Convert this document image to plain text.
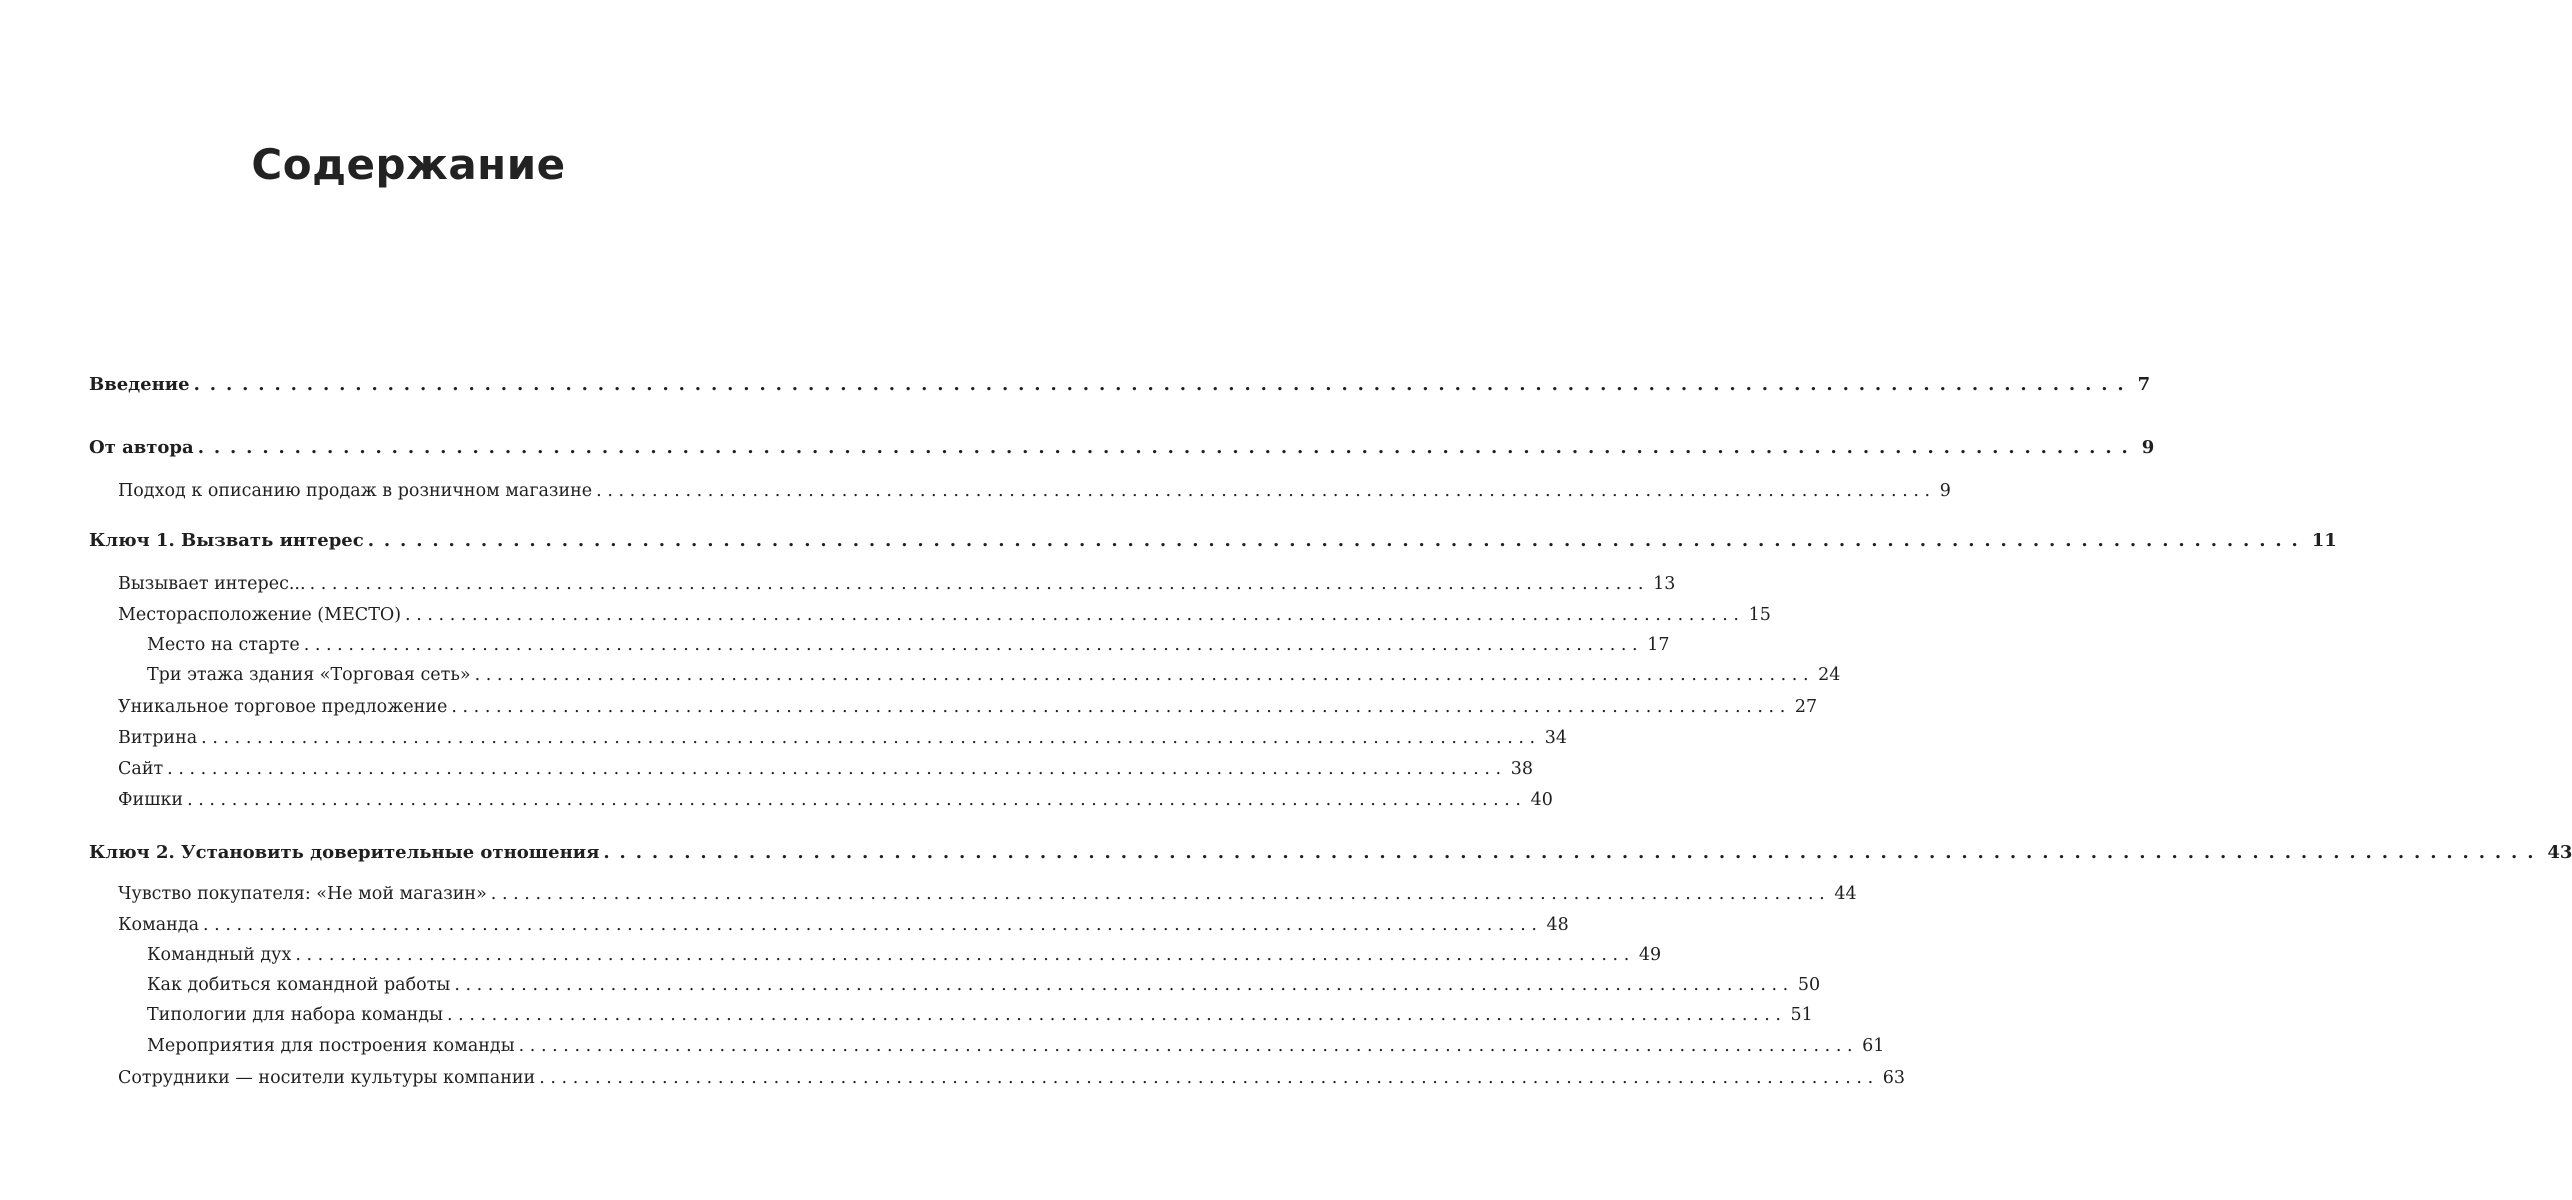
Содержание
Введение ........................................................................................................................ 7
От автора ........................................................................................................................ 9
Подход к описанию продаж в розничном магазине ........................................................................................................................ 9
Ключ 1. Вызвать интерес ........................................................................................................................ 11
Вызывает интерес... ........................................................................................................................ 13
Месторасположение (МЕСТО) ........................................................................................................................ 15
Место на старте ........................................................................................................................ 17
Три этажа здания «Торговая сеть» ........................................................................................................................ 24
Уникальное торговое предложение ........................................................................................................................ 27
Витрина ........................................................................................................................ 34
Сайт ........................................................................................................................ 38
Фишки ........................................................................................................................ 40
Ключ 2. Установить доверительные отношения ........................................................................................................................ 43
Чувство покупателя: «Не мой магазин» ........................................................................................................................ 44
Команда ........................................................................................................................ 48
Командный дух ........................................................................................................................ 49
Как добиться командной работы ........................................................................................................................ 50
Типологии для набора команды ........................................................................................................................ 51
Мероприятия для построения команды ........................................................................................................................ 61
Сотрудники — носители культуры компании ........................................................................................................................ 63
